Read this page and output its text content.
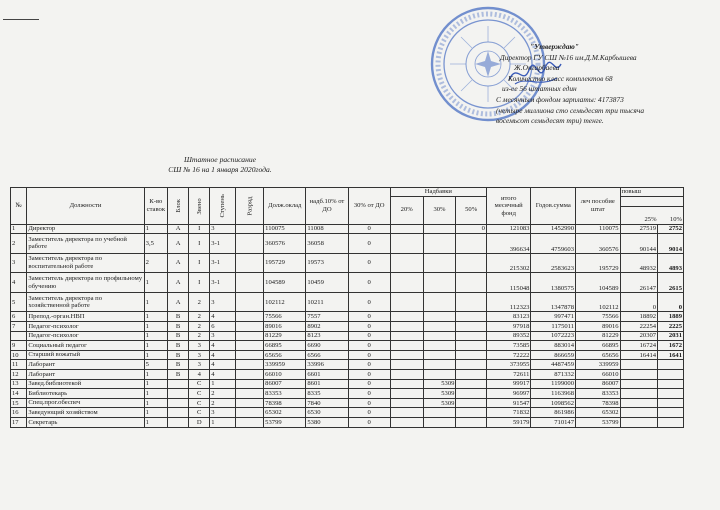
"Утверждаю"
Директор ГУ СШ №16 им.Д.М.Карбышева
Ж.Онгарбаева
Количество класс комплектов 68
из-ее 56 штатных един
С месячным фондом зарплаты: 4173873
(четыре миллиона сто семьдесят три тысяча
восемьсот семьдесят три) тенге.
Штатное расписание
СШ № 16 на 1 января 2020года.
№	Должности	К-во ставок	Блок	Звено	Ступень	Разряд	Долж.оклад	надб.10% от ДО	30% от ДО	Надбавки			итого месячный фонд	Годов.сумма	леч пособие штат	повыш	
										20%	30%	50%					
																25%	10%
1	Директор	1	А	I	3		110075	11008	0			0	121083	1452990	110075	27519	2752
2	Заместитель директора по учебной работе	3,5	А	I	3-1		360576	36058	0				396634	4759603	360576	90144	9014
3	Заместитель директора по воспитательной работе	2	А	I	3-1		195729	19573	0				215302	2583623	195729	48932	4893
4	Заместитель директора по профильному обучению	1	А	I	3-1		104589	10459	0				115048	1380575	104589	26147	2615
5	Заместитель директора по хозяйственной работе	1	А	2	3		102112	10211	0				112323	1347878	102112	0	0
6	Препод.-орган.НВП	1	В	2	4		75566	7557	0				83123	997471	75566	18892	1889
7	Педагог-психолог	1	В	2	6		89016	8902	0				97918	1175011	89016	22254	2225
	Педагог-психолог	1	В	2	3		81229	8123	0				89352	1072223	81229	20307	2031
9	Социальный педагог	1	В	3	4		66895	6690	0				73585	883014	66895	16724	1672
10	Старший вожатый	1	В	3	4		65656	6566	0				72222	866659	65656	16414	1641
11	Лаборант	5	В	3	4		339959	33996	0				373955	4487459	339959		
12	Лаборант	1	В	4	4		66010	6601	0				72611	871332	66010		
13	Завед.библиотекой	1		С	1		86007	8601	0		5309		99917	1199000	86007		
14	Библиотекарь	1		С	2		83353	8335	0		5309		96997	1163968	83353		
15	Спец.прог.обеспеч	1		С	2		78398	7840	0		5309		91547	1098562	78398		
16	Заведующий хозяйством	1		С	3		65302	6530	0				71832	861986	65302		
17	Секретарь	1		D	1		53799	5380	0				59179	710147	53799		
